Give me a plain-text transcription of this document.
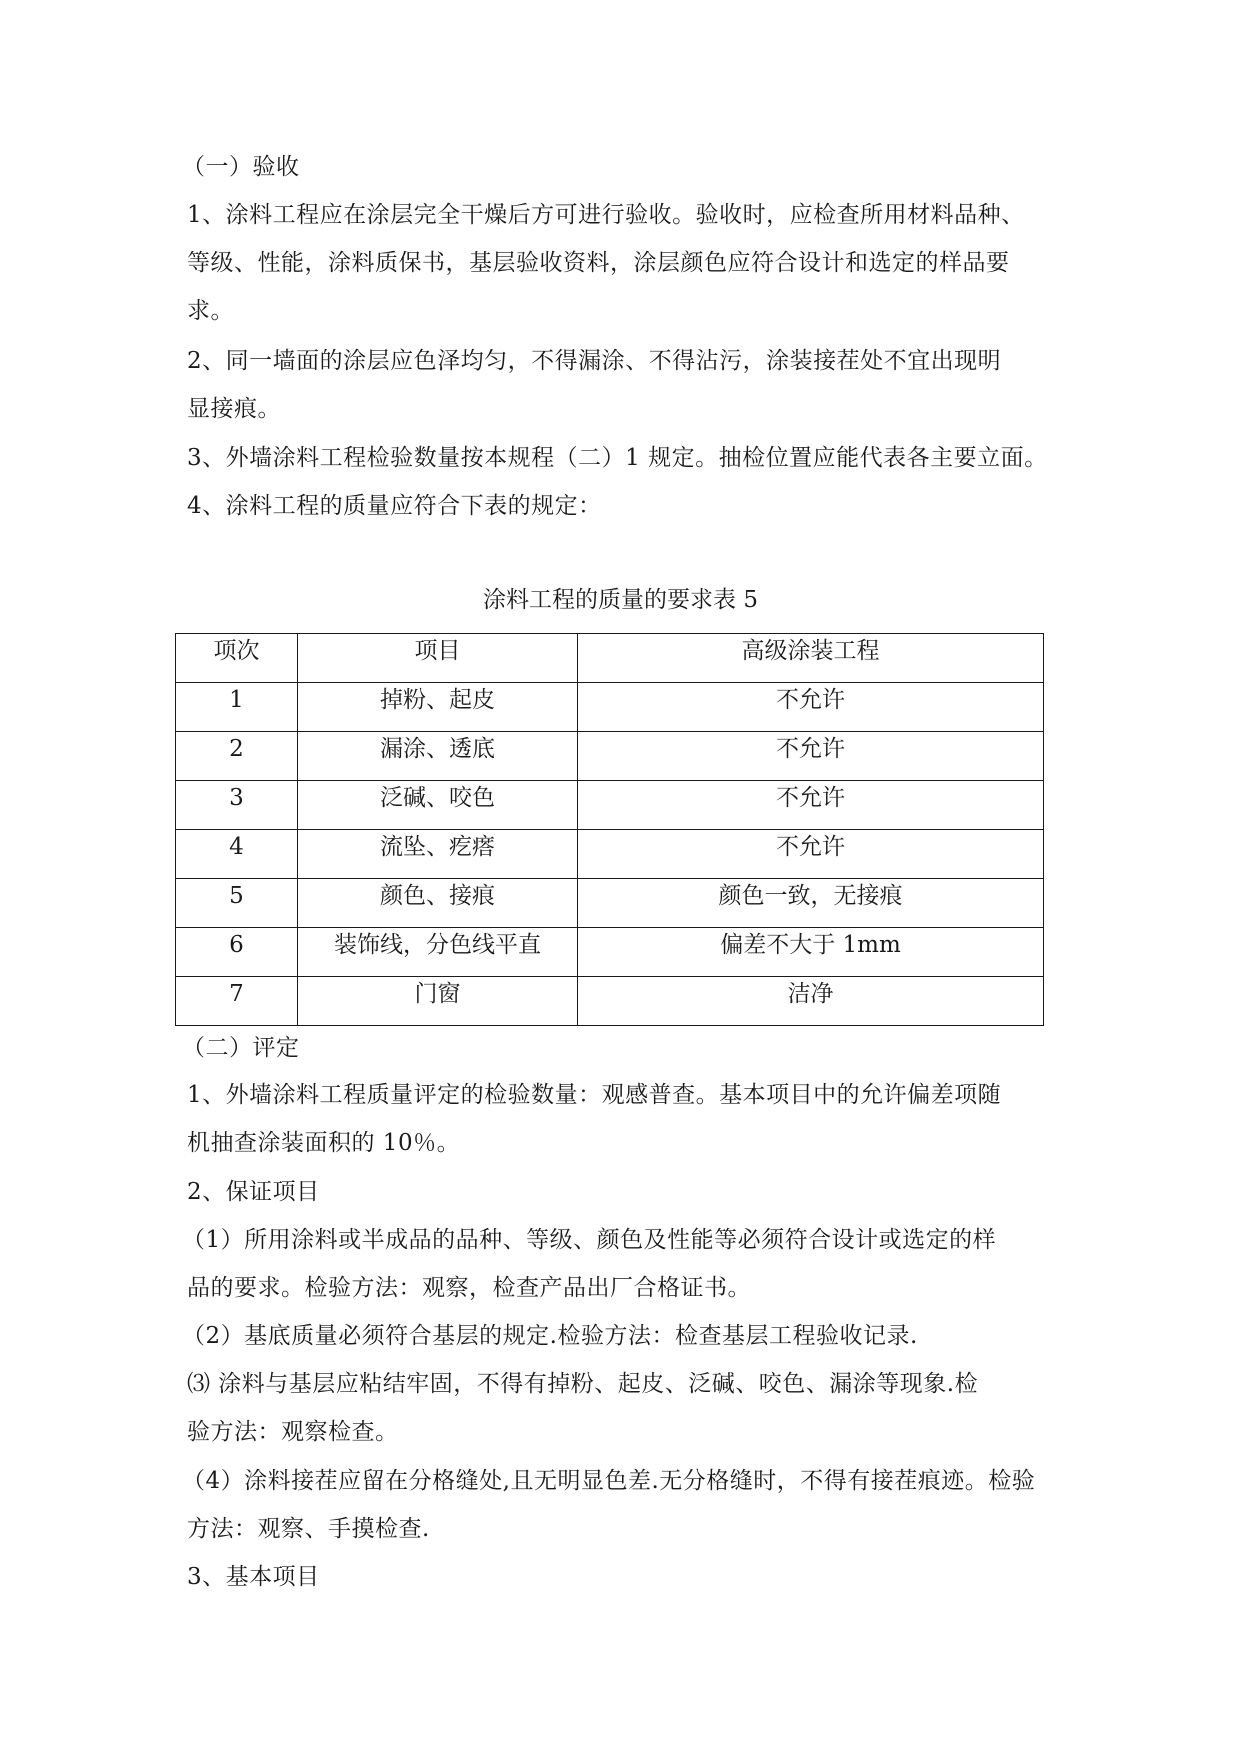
（一）验收
1、涂料工程应在涂层完全干燥后方可进行验收。验收时，应检查所用材料品种、
等级、性能，涂料质保书，基层验收资料，涂层颜色应符合设计和选定的样品要
求。
2、同一墙面的涂层应色泽均匀，不得漏涂、不得沾污，涂装接茬处不宜出现明
显接痕。
3、外墙涂料工程检验数量按本规程（二）1 规定。抽检位置应能代表各主要立面。
4、涂料工程的质量应符合下表的规定：
涂料工程的质量的要求表 5
项次	项目	高级涂装工程
1	掉粉、起皮	不允许
2	漏涂、透底	不允许
3	泛碱、咬色	不允许
4	流坠、疙瘩	不允许
5	颜色、接痕	颜色一致，无接痕
6	装饰线，分色线平直	偏差不大于 1mm
7	门窗	洁净
（二）评定
1、外墙涂料工程质量评定的检验数量：观感普查。基本项目中的允许偏差项随
机抽查涂装面积的 10％。
2、保证项目
（1）所用涂料或半成品的品种、等级、颜色及性能等必须符合设计或选定的样
品的要求。检验方法：观察，检查产品出厂合格证书。
（2）基底质量必须符合基层的规定.检验方法：检查基层工程验收记录.
⑶ 涂料与基层应粘结牢固，不得有掉粉、起皮、泛碱、咬色、漏涂等现象.检
验方法：观察检查。
（4）涂料接茬应留在分格缝处,且无明显色差.无分格缝时，不得有接茬痕迹。检验
方法：观察、手摸检查.
3、基本项目
